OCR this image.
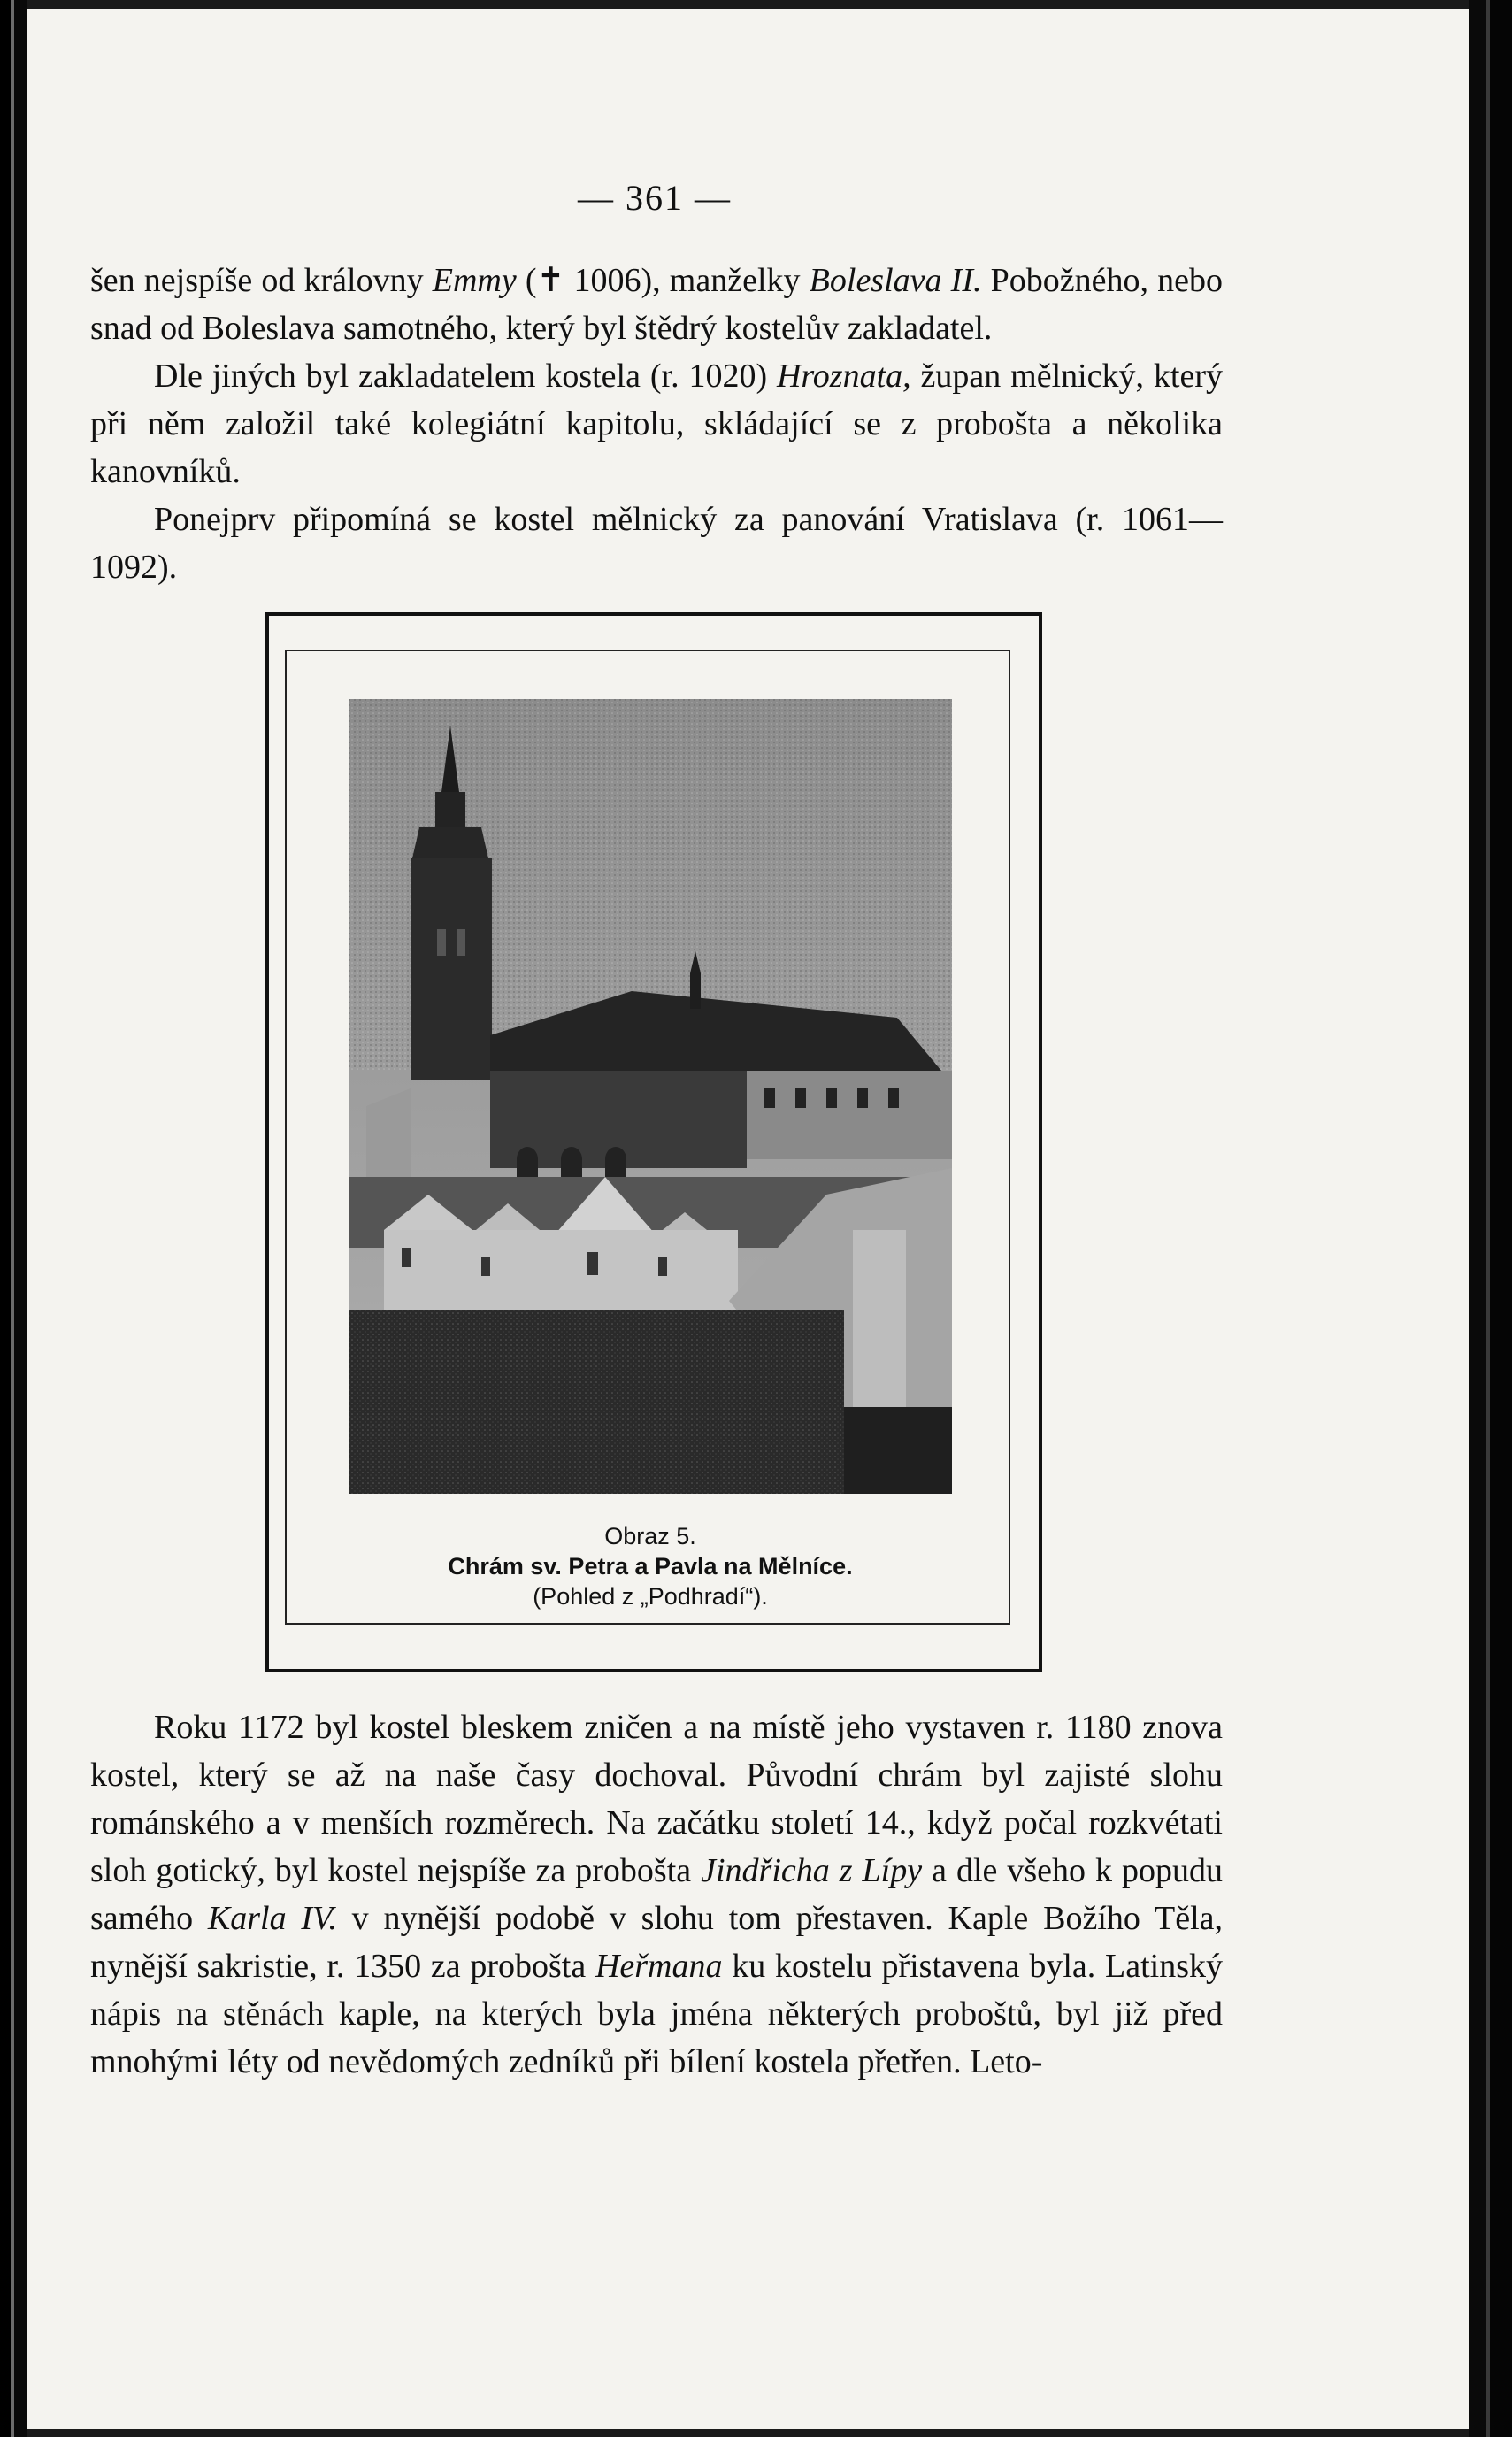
— 361 —

šen nejspíše od královny Emmy (✝ 1006), manželky Boleslava II. Pobožného, nebo snad od Boleslava samotného, který byl štědrý kostelův zakladatel.

Dle jiných byl zakladatelem kostela (r. 1020) Hroznata, župan mělnický, který při něm založil také kolegiátní kapitolu, skládající se z probošta a několika kanovníků.

Ponejprv připomíná se kostel mělnický za panování Vratislava (r. 1061—1092).

Obraz 5.
Chrám sv. Petra a Pavla na Mělníce.
(Pohled z „Podhradí“).

Roku 1172 byl kostel bleskem zničen a na místě jeho vystaven r. 1180 znova kostel, který se až na naše časy dochoval. Původní chrám byl zajisté slohu románského a v menších rozměrech. Na začátku století 14., když počal rozkvétati sloh gotický, byl kostel nejspíše za probošta Jindřicha z Lípy a dle všeho k popudu samého Karla IV. v nynější podobě v slohu tom přestaven. Kaple Božího Těla, nynější sakristie, r. 1350 za probošta Heřmana ku kostelu přistavena byla. Latinský nápis na stěnách kaple, na kterých byla jména některých proboštů, byl již před mnohými léty od nevědomých zedníků při bílení kostela přetřen. Leto-
